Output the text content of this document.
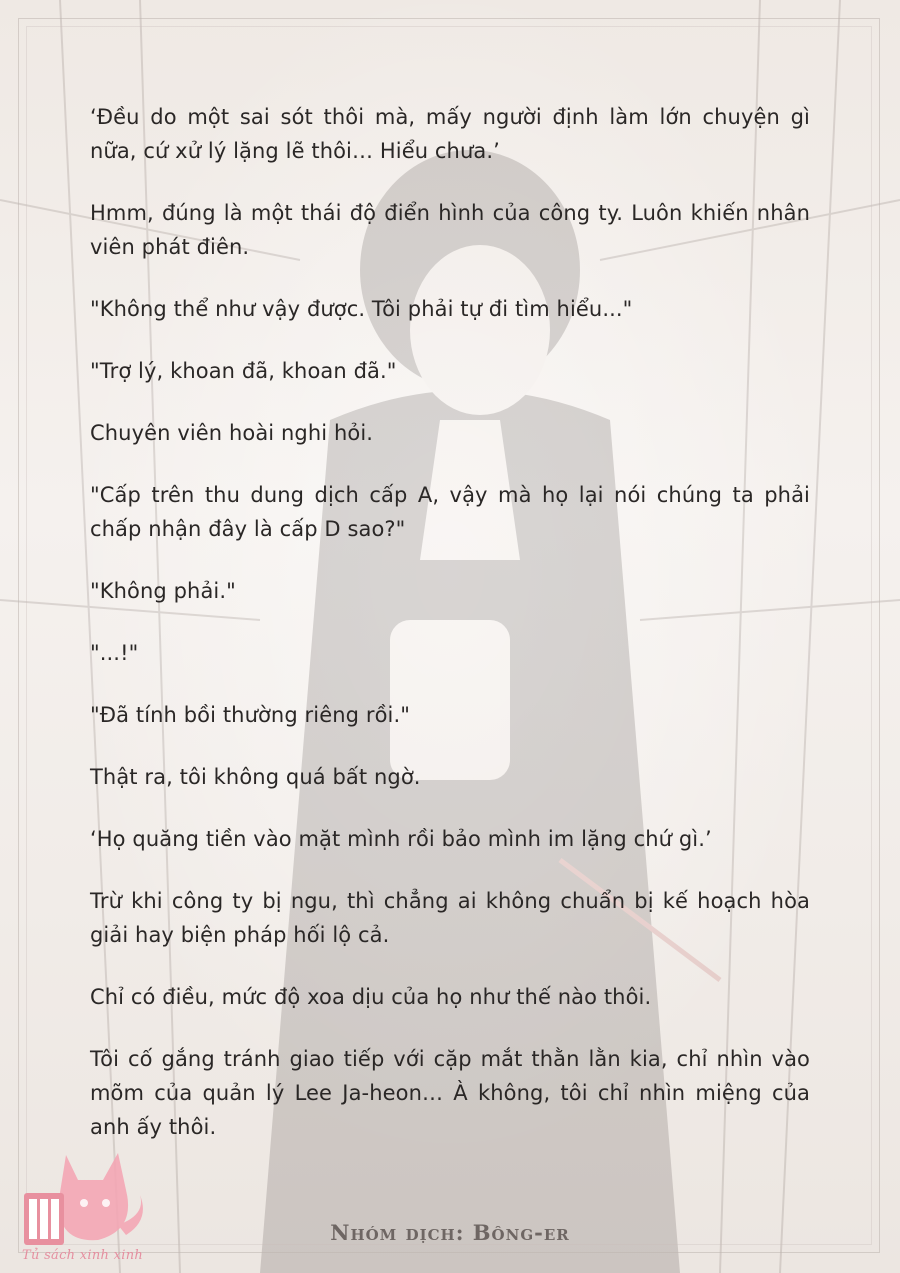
‘Đều do một sai sót thôi mà, mấy người định làm lớn chuyện gì nữa, cứ xử lý lặng lẽ thôi… Hiểu chưa.’

Hmm, đúng là một thái độ điển hình của công ty. Luôn khiến nhân viên phát điên.

"Không thể như vậy được. Tôi phải tự đi tìm hiểu..."

"Trợ lý, khoan đã, khoan đã."

Chuyên viên hoài nghi hỏi.

"Cấp trên thu dung dịch cấp A, vậy mà họ lại nói chúng ta phải chấp nhận đây là cấp D sao?"

"Không phải."

"...!"

"Đã tính bồi thường riêng rồi."

Thật ra, tôi không quá bất ngờ.

‘Họ quăng tiền vào mặt mình rồi bảo mình im lặng chứ gì.’

Trừ khi công ty bị ngu, thì chẳng ai không chuẩn bị kế hoạch hòa giải hay biện pháp hối lộ cả.

Chỉ có điều, mức độ xoa dịu của họ như thế nào thôi.

Tôi cố gắng tránh giao tiếp với cặp mắt thằn lằn kia, chỉ nhìn vào mõm của quản lý Lee Ja-heon… À không, tôi chỉ nhìn miệng của anh ấy thôi.

Tủ sách xinh xinh
Nhóm dịch: Bông-er
